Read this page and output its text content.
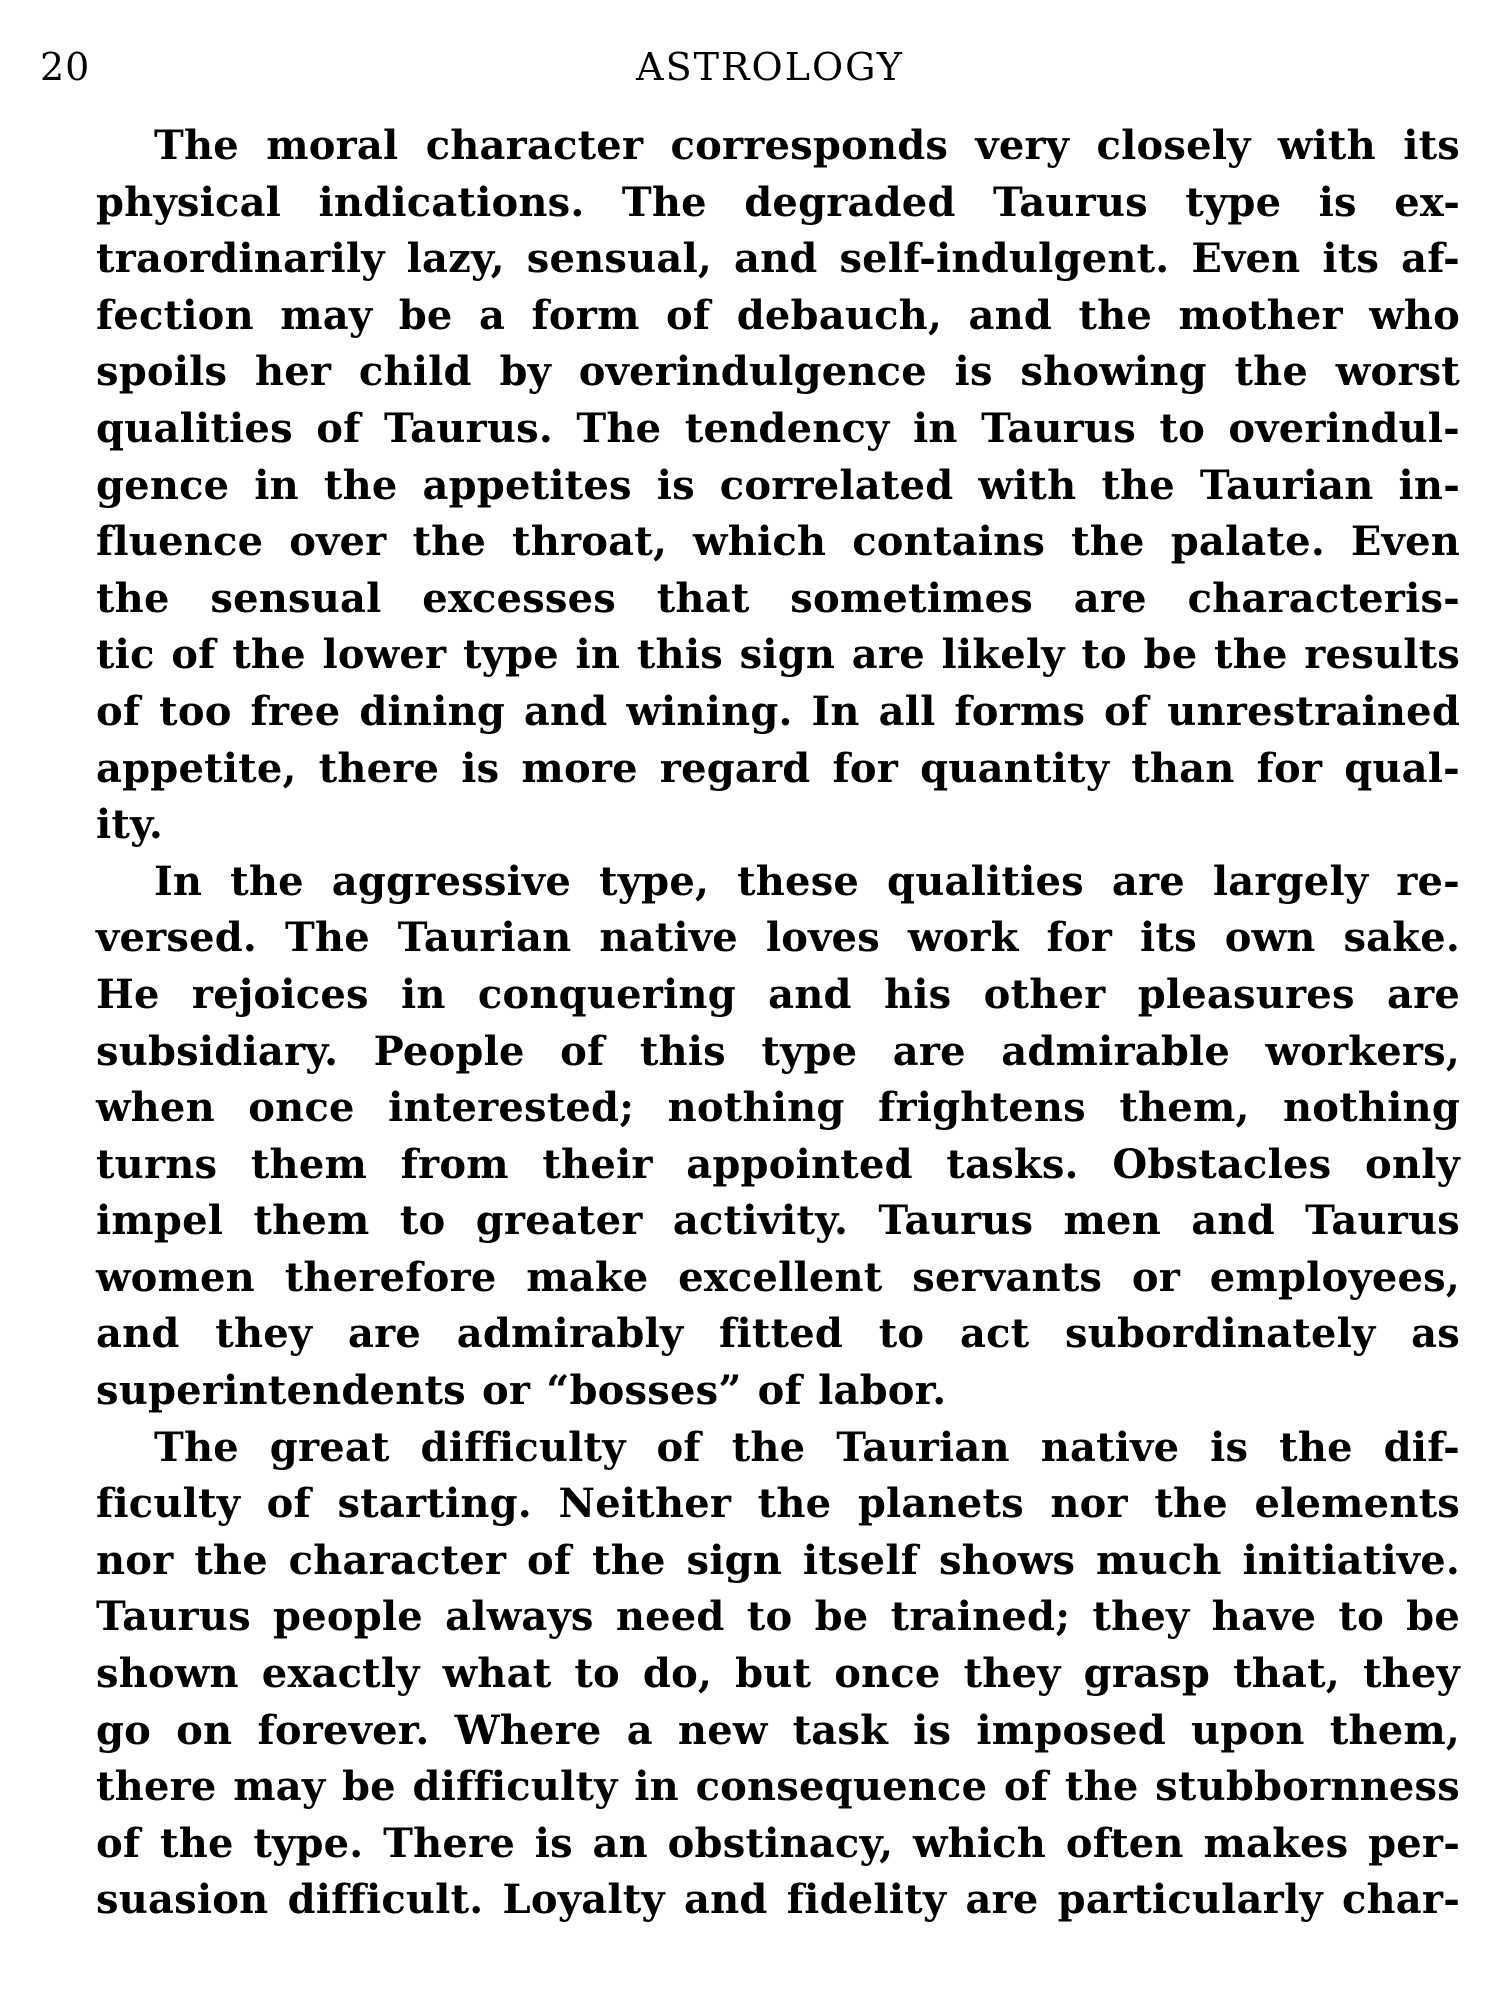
20	ASTROLOGY
The moral character corresponds very closely with its
physical indications. The degraded Taurus type is ex-
traordinarily lazy, sensual, and self-indulgent. Even its af-
fection may be a form of debauch, and the mother who
spoils her child by overindulgence is showing the worst
qualities of Taurus. The tendency in Taurus to overindul-
gence in the appetites is correlated with the Taurian in-
fluence over the throat, which contains the palate. Even
the sensual excesses that sometimes are characteris-
tic of the lower type in this sign are likely to be the results
of too free dining and wining. In all forms of unrestrained
appetite, there is more regard for quantity than for qual-
ity.
In the aggressive type, these qualities are largely re-
versed. The Taurian native loves work for its own sake.
He rejoices in conquering and his other pleasures are
subsidiary. People of this type are admirable workers,
when once interested; nothing frightens them, nothing
turns them from their appointed tasks. Obstacles only
impel them to greater activity. Taurus men and Taurus
women therefore make excellent servants or employees,
and they are admirably fitted to act subordinately as
superintendents or “bosses” of labor.
The great difficulty of the Taurian native is the dif-
ficulty of starting. Neither the planets nor the elements
nor the character of the sign itself shows much initiative.
Taurus people always need to be trained; they have to be
shown exactly what to do, but once they grasp that, they
go on forever. Where a new task is imposed upon them,
there may be difficulty in consequence of the stubbornness
of the type. There is an obstinacy, which often makes per-
suasion difficult. Loyalty and fidelity are particularly char-
